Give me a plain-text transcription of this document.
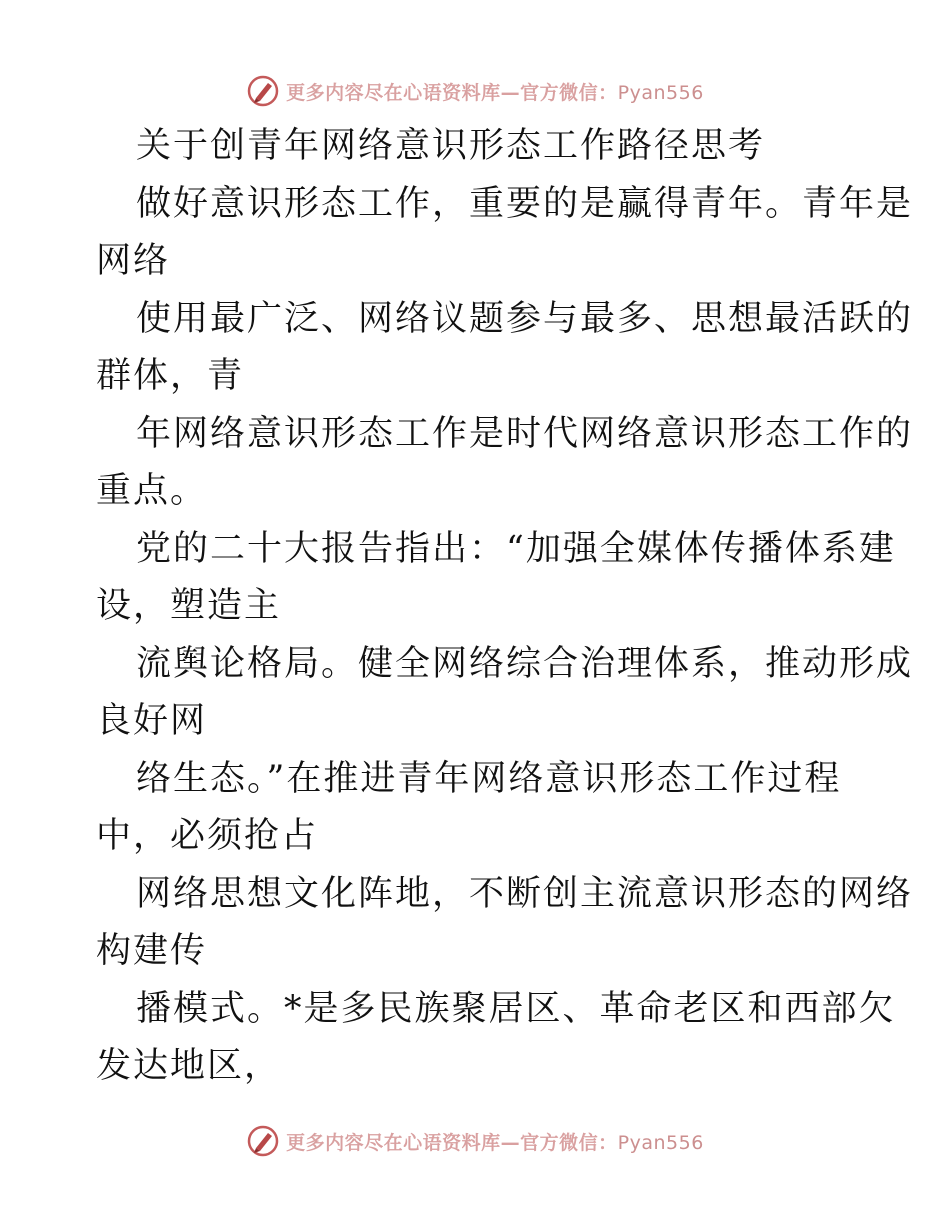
更多内容尽在心语资料库—官方微信：Pyan556
关于创青年网络意识形态工作路径思考
做好意识形态工作，重要的是赢得青年。青年是
网络
使用最广泛、网络议题参与最多、思想最活跃的
群体，青
年网络意识形态工作是时代网络意识形态工作的
重点。
党的二十大报告指出：“加强全媒体传播体系建
设，塑造主
流舆论格局。健全网络综合治理体系，推动形成
良好网
络生态。”在推进青年网络意识形态工作过程
中，必须抢占
网络思想文化阵地，不断创主流意识形态的网络
构建传
播模式。*是多民族聚居区、革命老区和西部欠
发达地区，
更多内容尽在心语资料库—官方微信：Pyan556
